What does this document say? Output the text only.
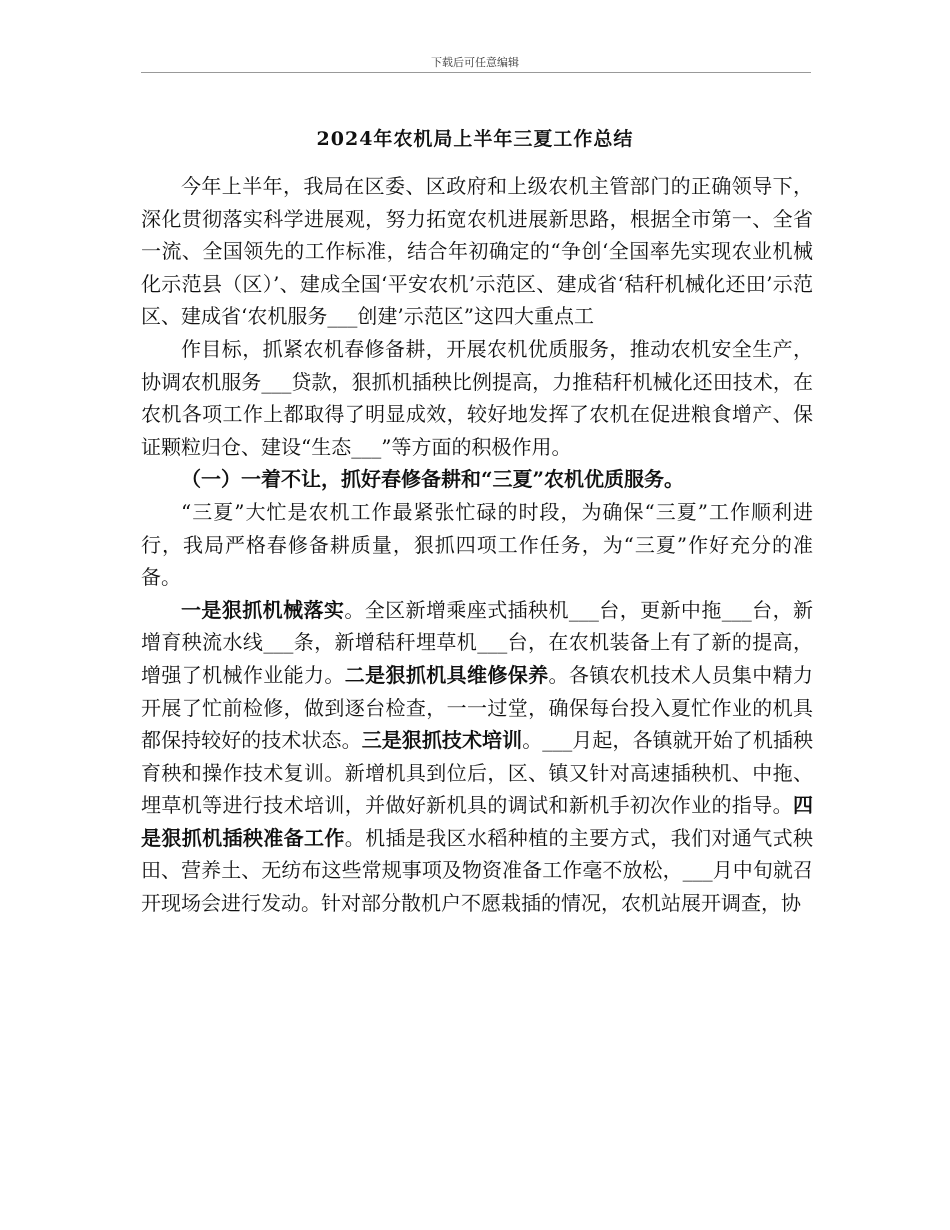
下载后可任意编辑
2024年农机局上半年三夏工作总结

今年上半年，我局在区委、区政府和上级农机主管部门的正确领导下，深化贯彻落实科学进展观，努力拓宽农机进展新思路，根据全市第一、全省一流、全国领先的工作标准，结合年初确定的“争创‘全国率先实现农业机械化示范县（区）’、建成全国‘平安农机’示范区、建成省‘秸秆机械化还田’示范区、建成省‘农机服务___创建’示范区”这四大重点工

作目标，抓紧农机春修备耕，开展农机优质服务，推动农机安全生产，协调农机服务___贷款，狠抓机插秧比例提高，力推秸秆机械化还田技术，在农机各项工作上都取得了明显成效，较好地发挥了农机在促进粮食增产、保证颗粒归仓、建设“生态___”等方面的积极作用。

（一）一着不让，抓好春修备耕和“三夏”农机优质服务。

“三夏”大忙是农机工作最紧张忙碌的时段，为确保“三夏”工作顺利进行，我局严格春修备耕质量，狠抓四项工作任务，为“三夏”作好充分的准备。

一是狠抓机械落实。全区新增乘座式插秧机___台，更新中拖___台，新增育秧流水线___条，新增秸秆埋草机___台，在农机装备上有了新的提高，增强了机械作业能力。二是狠抓机具维修保养。各镇农机技术人员集中精力开展了忙前检修，做到逐台检查，一一过堂，确保每台投入夏忙作业的机具都保持较好的技术状态。三是狠抓技术培训。___月起，各镇就开始了机插秧育秧和操作技术复训。新增机具到位后，区、镇又针对高速插秧机、中拖、埋草机等进行技术培训，并做好新机具的调试和新机手初次作业的指导。四是狠抓机插秧准备工作。机插是我区水稻种植的主要方式，我们对通气式秧田、营养土、无纺布这些常规事项及物资准备工作毫不放松，___月中旬就召开现场会进行发动。针对部分散机户不愿栽插的情况，农机站展开调查，协
